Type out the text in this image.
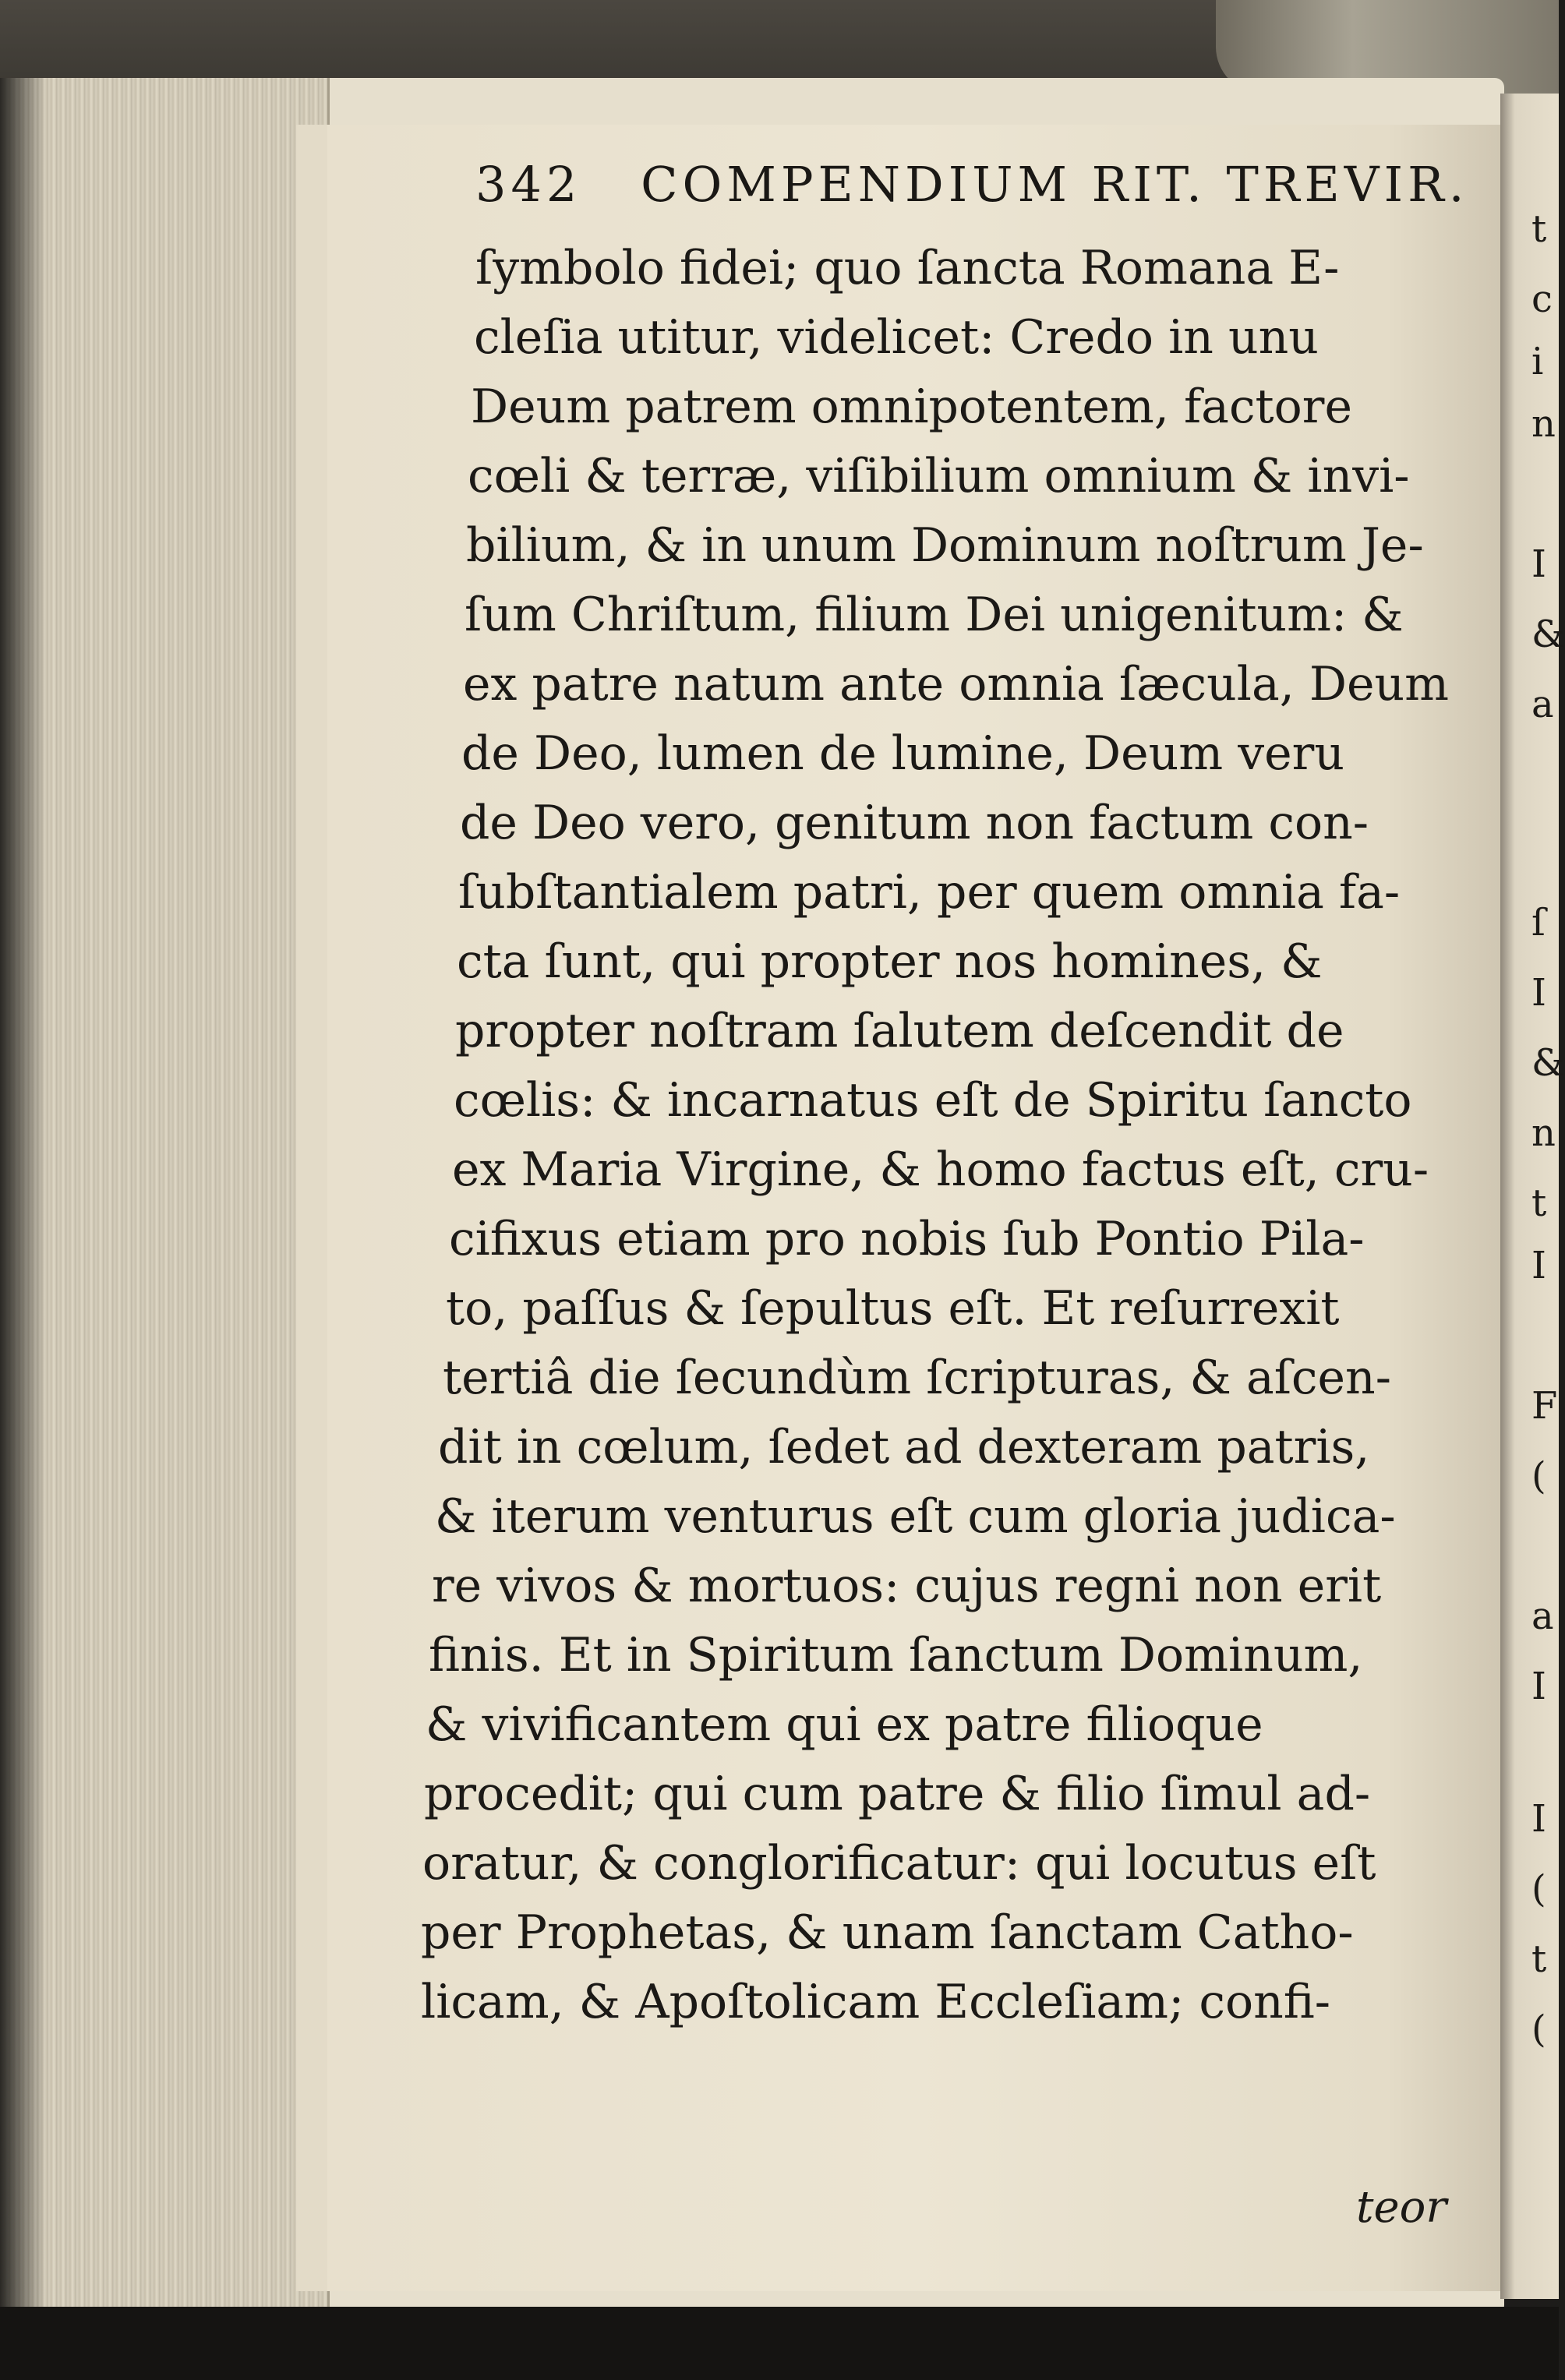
t
c
i
n
I
&
a
ſ
I
&
n
t
I
F
(
a
I
I
(
t
(
342 COMPENDIUM RIT. TREVIR.
ſymbolo fidei; quo ſancta Romana E-
cleſia utitur, videlicet: Credo in unu
Deum patrem omnipotentem, factore
cœli & terræ, viſibilium omnium & invi-
bilium, & in unum Dominum noſtrum Je-
ſum Chriſtum, filium Dei unigenitum: &
ex patre natum ante omnia ſæcula, Deum
de Deo, lumen de lumine, Deum veru
de Deo vero, genitum non factum con-
ſubſtantialem patri, per quem omnia fa-
cta ſunt, qui propter nos homines, &
propter noſtram ſalutem deſcendit de
cœlis: & incarnatus eſt de Spiritu ſancto
ex Maria Virgine, & homo factus eſt, cru-
cifixus etiam pro nobis ſub Pontio Pila-
to, paſſus & ſepultus eſt. Et reſurrexit
tertiâ die ſecundùm ſcripturas, & aſcen-
dit in cœlum, ſedet ad dexteram patris,
& iterum venturus eſt cum gloria judica-
re vivos & mortuos: cujus regni non erit
finis. Et in Spiritum ſanctum Dominum,
& vivificantem qui ex patre filioque
procedit; qui cum patre & filio ſimul ad-
oratur, & conglorificatur: qui locutus eſt
per Prophetas, & unam ſanctam Catho-
licam, & Apoſtolicam Eccleſiam; confi-
teor
